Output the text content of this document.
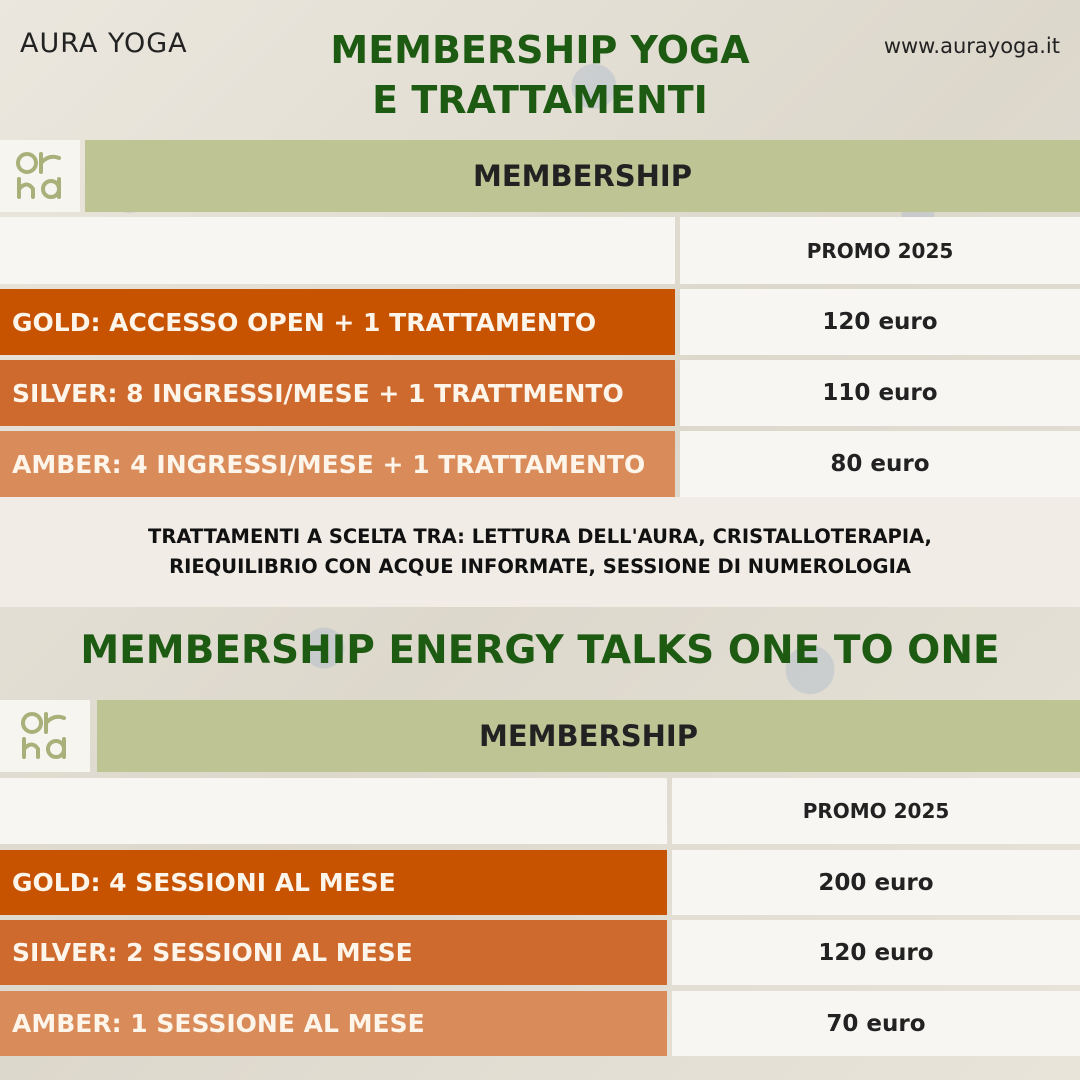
AURA YOGA	MEMBERSHIP YOGA
E TRATTAMENTI
www.aurayoga.it
MEMBERSHIP
PROMO 2025
GOLD: ACCESSO OPEN + 1 TRATTAMENTO	120 euro
SILVER: 8 INGRESSI/MESE + 1 TRATTMENTO	110 euro
AMBER: 4 INGRESSI/MESE + 1 TRATTAMENTO	80 euro
TRATTAMENTI A SCELTA TRA: LETTURA DELL'AURA, CRISTALLOTERAPIA,
RIEQUILIBRIO CON ACQUE INFORMATE, SESSIONE DI NUMEROLOGIA
MEMBERSHIP ENERGY TALKS ONE TO ONE
MEMBERSHIP
PROMO 2025
GOLD: 4 SESSIONI AL MESE	200 euro
SILVER: 2 SESSIONI AL MESE	120 euro
AMBER: 1 SESSIONE AL MESE	70 euro
